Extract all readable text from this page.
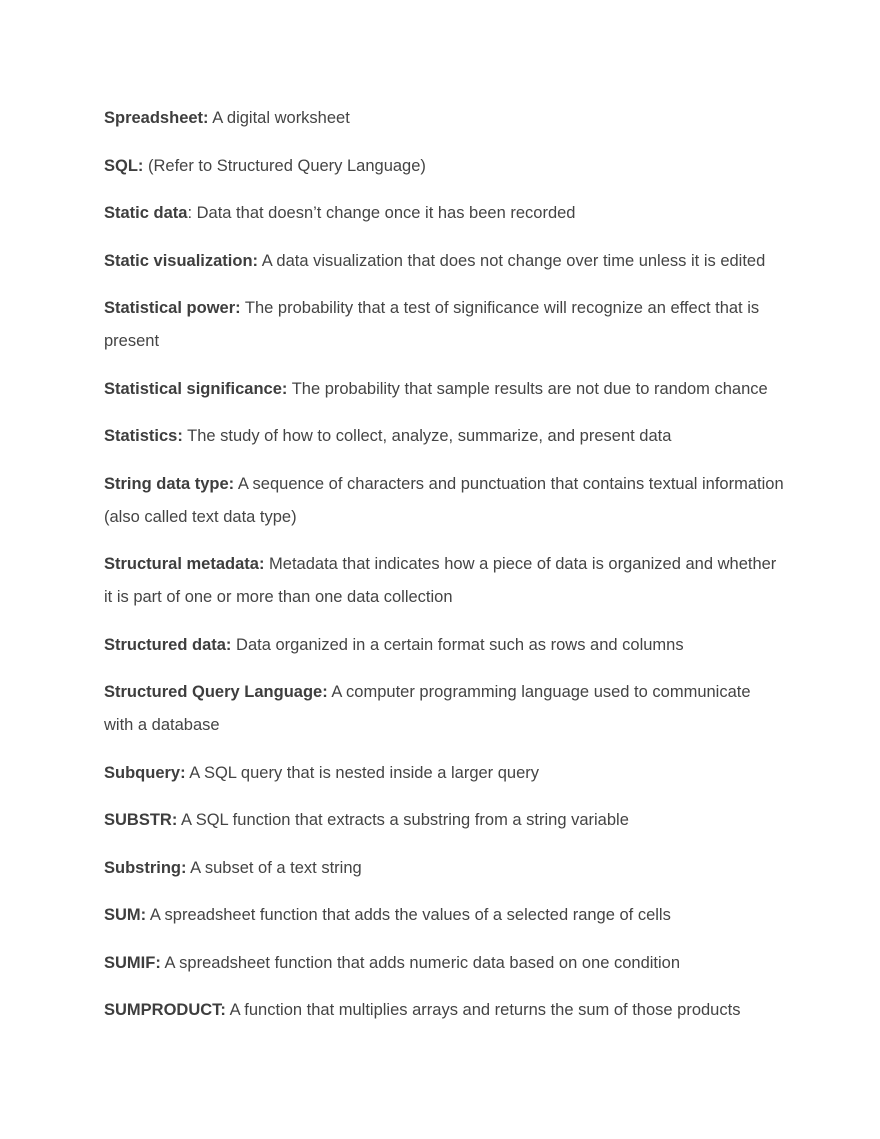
Spreadsheet: A digital worksheet

SQL: (Refer to Structured Query Language)

Static data: Data that doesn’t change once it has been recorded

Static visualization: A data visualization that does not change over time unless it is edited

Statistical power: The probability that a test of significance will recognize an effect that is present

Statistical significance: The probability that sample results are not due to random chance

Statistics: The study of how to collect, analyze, summarize, and present data

String data type: A sequence of characters and punctuation that contains textual information (also called text data type)

Structural metadata: Metadata that indicates how a piece of data is organized and whether it is part of one or more than one data collection

Structured data: Data organized in a certain format such as rows and columns

Structured Query Language: A computer programming language used to communicate with a database

Subquery: A SQL query that is nested inside a larger query

SUBSTR: A SQL function that extracts a substring from a string variable

Substring: A subset of a text string

SUM: A spreadsheet function that adds the values of a selected range of cells

SUMIF: A spreadsheet function that adds numeric data based on one condition

SUMPRODUCT: A function that multiplies arrays and returns the sum of those products
